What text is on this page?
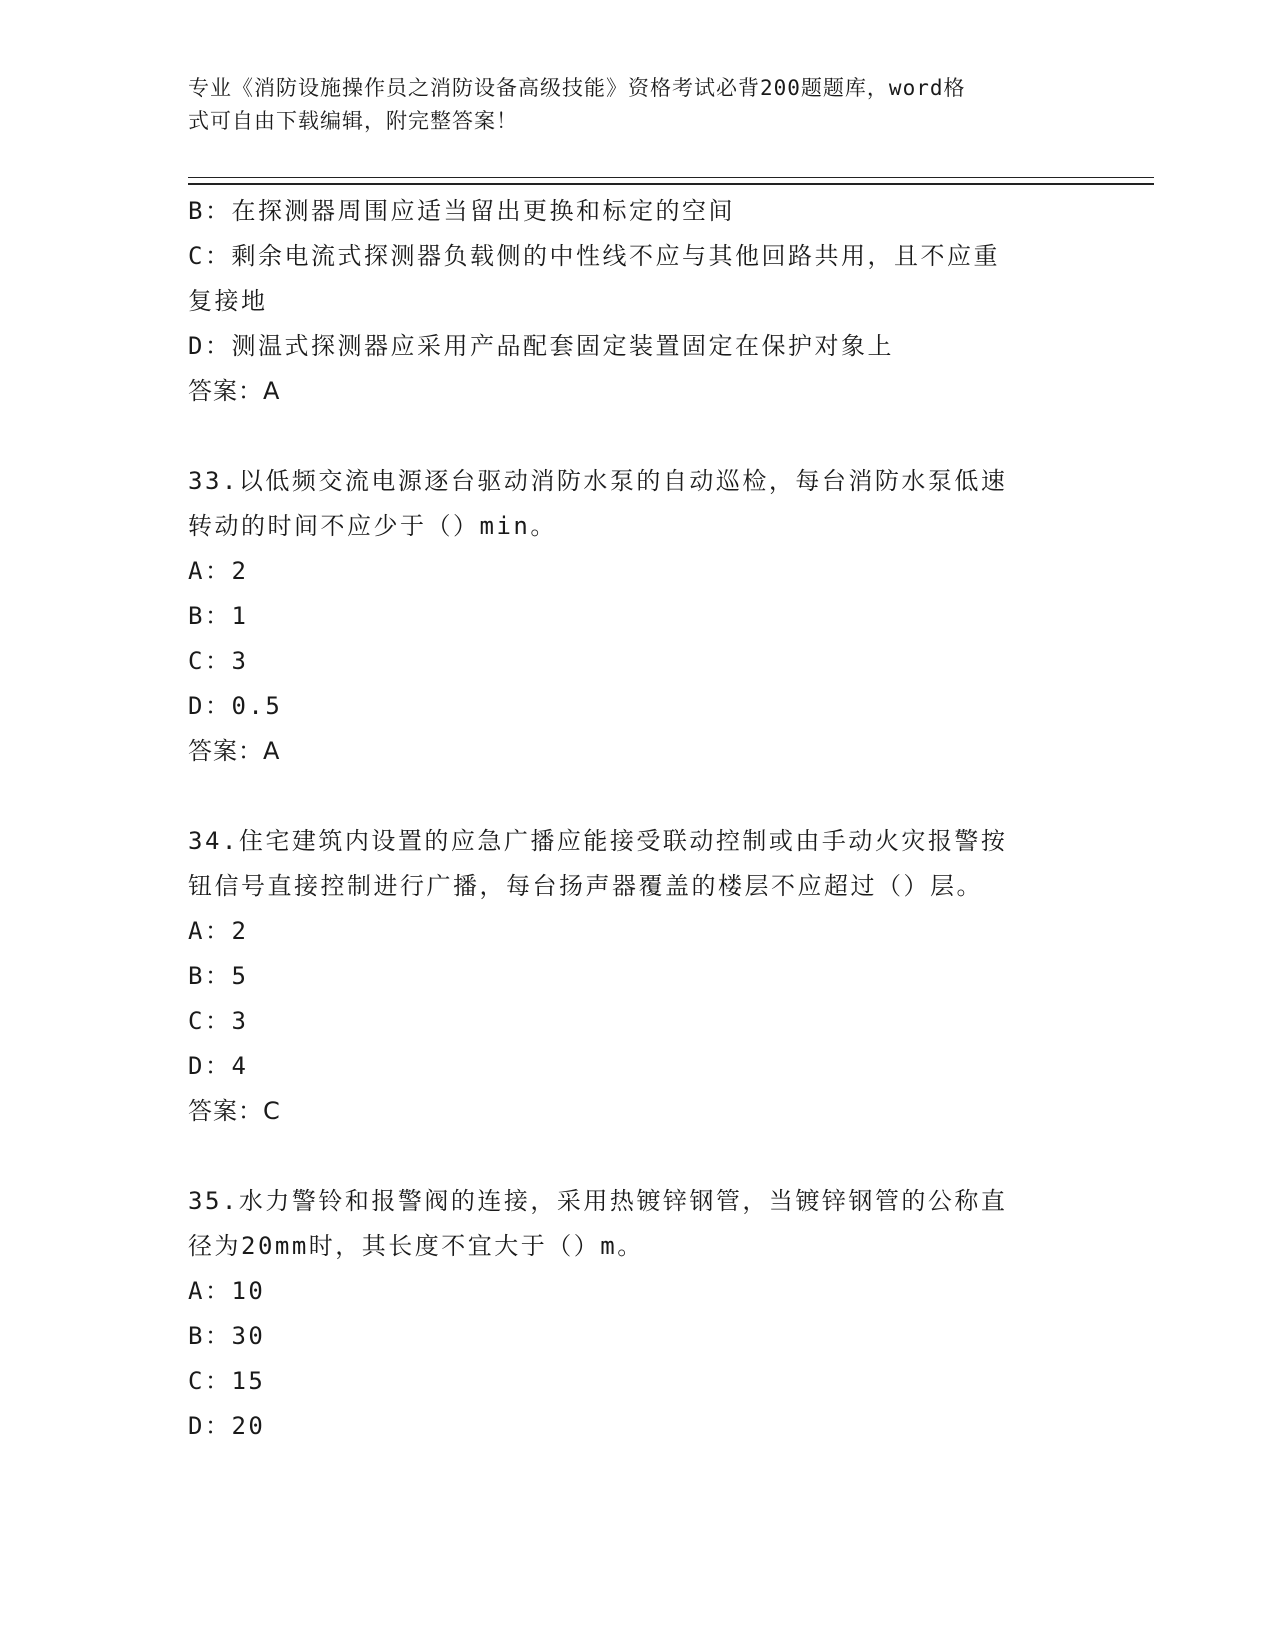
专业《消防设施操作员之消防设备高级技能》资格考试必背200题题库，word格

式可自由下载编辑，附完整答案！

B：在探测器周围应适当留出更换和标定的空间

C：剩余电流式探测器负载侧的中性线不应与其他回路共用，且不应重

复接地

D：测温式探测器应采用产品配套固定装置固定在保护对象上

答案：A

33.以低频交流电源逐台驱动消防水泵的自动巡检，每台消防水泵低速

转动的时间不应少于（）min。

A：2

B：1

C：3

D：0.5

答案：A

34.住宅建筑内设置的应急广播应能接受联动控制或由手动火灾报警按

钮信号直接控制进行广播，每台扬声器覆盖的楼层不应超过（）层。

A：2

B：5

C：3

D：4

答案：C

35.水力警铃和报警阀的连接，采用热镀锌钢管，当镀锌钢管的公称直

径为20mm时，其长度不宜大于（）m。

A：10

B：30

C：15

D：20
